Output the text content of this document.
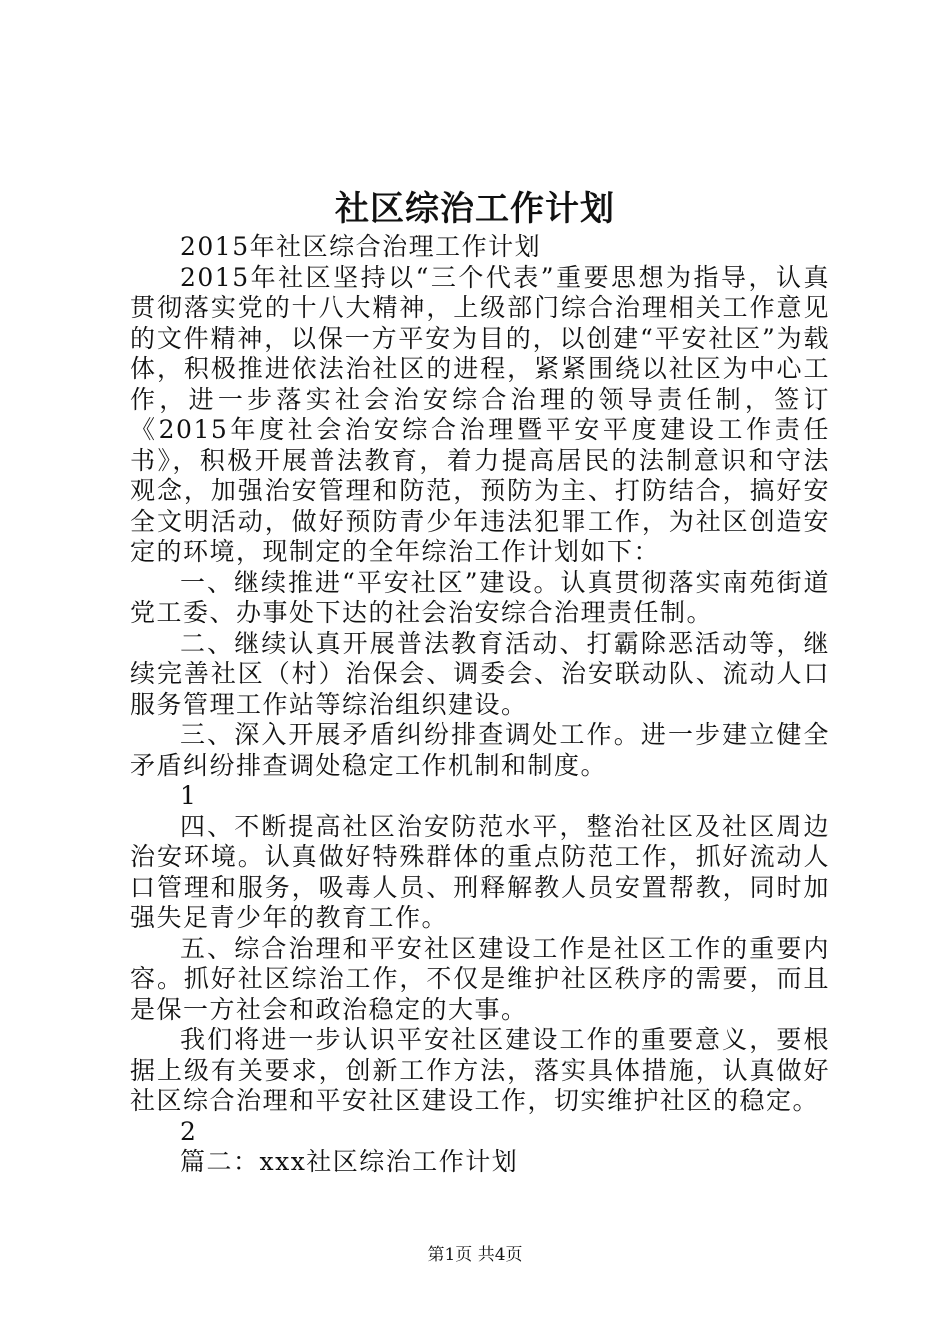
社区综治工作计划

2015年社区综合治理工作计划

2015年社区坚持以“三个代表”重要思想为指导，认真贯彻落实党的十八大精神，上级部门综合治理相关工作意见的文件精神，以保一方平安为目的，以创建“平安社区”为载体，积极推进依法治社区的进程，紧紧围绕以社区为中心工作，进一步落实社会治安综合治理的领导责任制，签订《2015年度社会治安综合治理暨平安平度建设工作责任书》，积极开展普法教育，着力提高居民的法制意识和守法观念，加强治安管理和防范，预防为主、打防结合，搞好安全文明活动，做好预防青少年违法犯罪工作，为社区创造安定的环境，现制定的全年综治工作计划如下：

一、继续推进“平安社区”建设。认真贯彻落实南苑街道党工委、办事处下达的社会治安综合治理责任制。

二、继续认真开展普法教育活动、打霸除恶活动等，继续完善社区（村）治保会、调委会、治安联动队、流动人口服务管理工作站等综治组织建设。

三、深入开展矛盾纠纷排查调处工作。进一步建立健全矛盾纠纷排查调处稳定工作机制和制度。

1

四、不断提高社区治安防范水平，整治社区及社区周边治安环境。认真做好特殊群体的重点防范工作，抓好流动人口管理和服务，吸毒人员、刑释解教人员安置帮教，同时加强失足青少年的教育工作。

五、综合治理和平安社区建设工作是社区工作的重要内容。抓好社区综治工作，不仅是维护社区秩序的需要，而且是保一方社会和政治稳定的大事。

我们将进一步认识平安社区建设工作的重要意义，要根据上级有关要求，创新工作方法，落实具体措施，认真做好社区综合治理和平安社区建设工作，切实维护社区的稳定。

2

篇二：xxx社区综治工作计划

第1页 共4页
